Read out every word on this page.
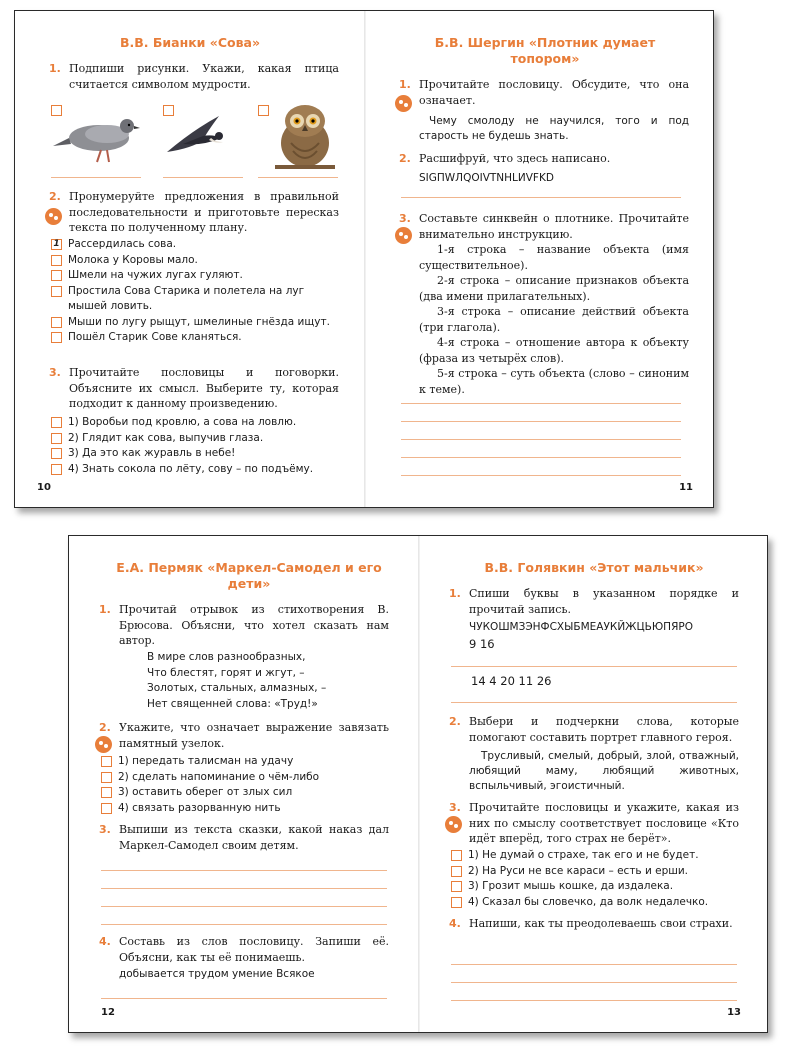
В.В. Бианки «Сова»
1. Подпиши рисунки. Укажи, какая птица считается символом мудрости.
2. Пронумеруйте предложения в правильной последовательности и приготовьте пересказ текста по полученному плану.
1 Рассердилась сова.
Молока у Коровы мало.
Шмели на чужих лугах гуляют.
Простила Сова Старика и полетела на луг мышей ловить.
Мыши по лугу рыщут, шмелиные гнёзда ищут.
Пошёл Старик Сове кланяться.
3. Прочитайте пословицы и поговорки. Объясните их смысл. Выберите ту, которая подходит к данному произведению.
1) Воробьи под кровлю, а сова на ловлю.
2) Глядит как сова, выпучив глаза.
3) Да это как журавль в небе!
4) Знать сокола по лёту, сову – по подъёму.
10
Б.В. Шергин «Плотник думает топором»
1. Прочитайте пословицу. Обсудите, что она означает.
Чему смолоду не научился, того и под старость не будешь знать.
2. Расшифруй, что здесь написано.
SIGПWЛQOIVTNHLИVFKD
3. Составьте синквейн о плотнике. Прочитайте внимательно инструкцию.
1-я строка – название объекта (имя существительное).
2-я строка – описание признаков объекта (два имени прилагательных).
3-я строка – описание действий объекта (три глагола).
4-я строка – отношение автора к объекту (фраза из четырёх слов).
5-я строка – суть объекта (слово – синоним к теме).
11
Е.А. Пермяк «Маркел-Самодел и его дети»
1. Прочитай отрывок из стихотворения В. Брюсова. Объясни, что хотел сказать нам автор.
В мире слов разнообразных,
Что блестят, горят и жгут, –
Золотых, стальных, алмазных, –
Нет священней слова: «Труд!»
2. Укажите, что означает выражение завязать памятный узелок.
1) передать талисман на удачу
2) сделать напоминание о чём-либо
3) оставить оберег от злых сил
4) связать разорванную нить
3. Выпиши из текста сказки, какой наказ дал Маркел-Самодел своим детям.
4. Составь из слов пословицу. Запиши её. Объясни, как ты её понимаешь.
добывается трудом умение Всякое
12
В.В. Голявкин «Этот мальчик»
1. Спиши буквы в указанном порядке и прочитай запись.
ЧУКОШМЗЭНФСХЫБМЕАУКЙЖЦЬЮПЯРО
9 16
14 4 20 11 26
2. Выбери и подчеркни слова, которые помогают составить портрет главного героя.
Трусливый, смелый, добрый, злой, отважный, любящий маму, любящий животных, вспыльчивый, эгоистичный.
3. Прочитайте пословицы и укажите, какая из них по смыслу соответствует пословице «Кто идёт вперёд, того страх не берёт».
1) Не думай о страхе, так его и не будет.
2) На Руси не все караси – есть и ерши.
3) Грозит мышь кошке, да издалека.
4) Сказал бы словечко, да волк недалечко.
4. Напиши, как ты преодолеваешь свои страхи.
13
